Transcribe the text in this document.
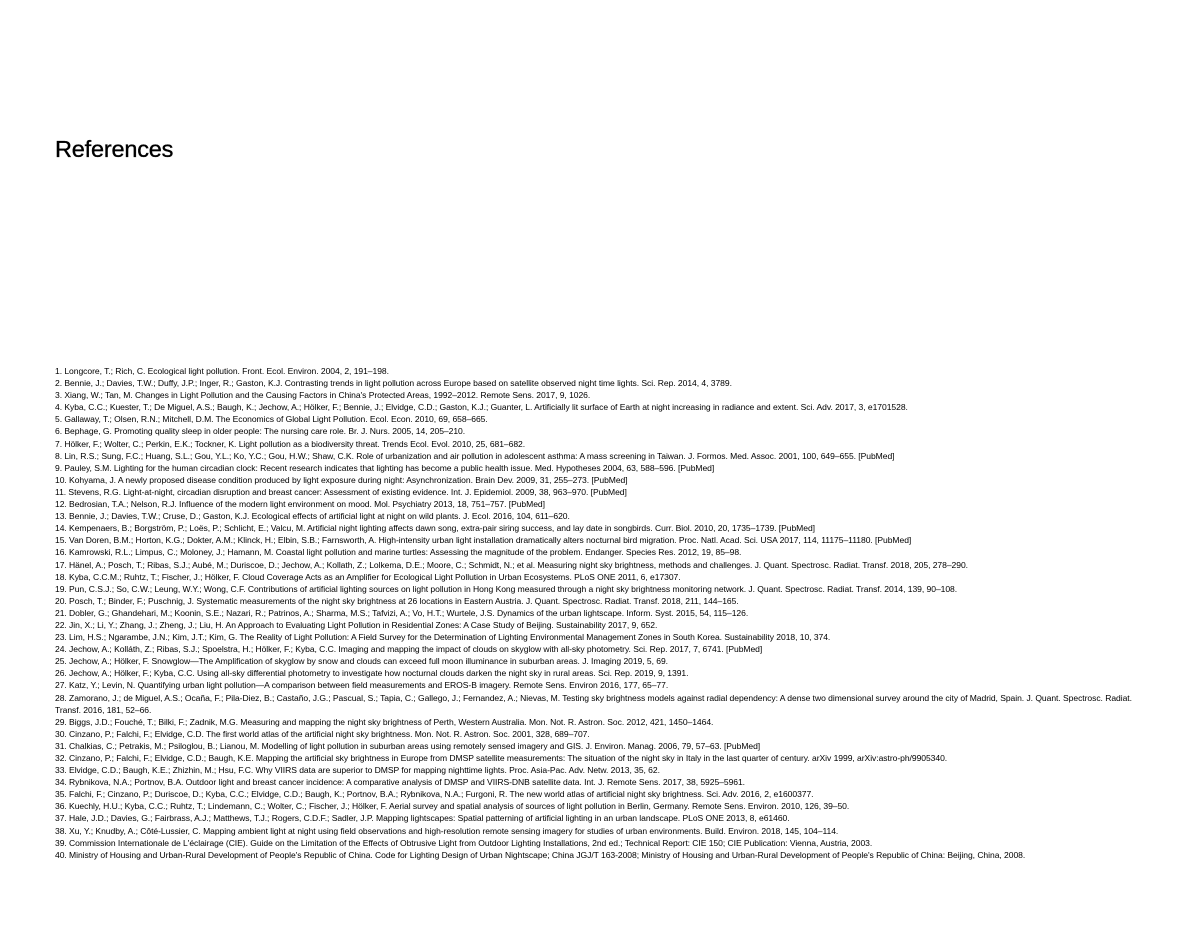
References
1. Longcore, T.; Rich, C. Ecological light pollution. Front. Ecol. Environ. 2004, 2, 191–198.
2. Bennie, J.; Davies, T.W.; Duffy, J.P.; Inger, R.; Gaston, K.J. Contrasting trends in light pollution across Europe based on satellite observed night time lights. Sci. Rep. 2014, 4, 3789.
3. Xiang, W.; Tan, M. Changes in Light Pollution and the Causing Factors in China's Protected Areas, 1992–2012. Remote Sens. 2017, 9, 1026.
4. Kyba, C.C.; Kuester, T.; De Miguel, A.S.; Baugh, K.; Jechow, A.; Hölker, F.; Bennie, J.; Elvidge, C.D.; Gaston, K.J.; Guanter, L. Artificially lit surface of Earth at night increasing in radiance and extent. Sci. Adv. 2017, 3, e1701528.
5. Gallaway, T.; Olsen, R.N.; Mitchell, D.M. The Economics of Global Light Pollution. Ecol. Econ. 2010, 69, 658–665.
6. Bephage, G. Promoting quality sleep in older people: The nursing care role. Br. J. Nurs. 2005, 14, 205–210.
7. Hölker, F.; Wolter, C.; Perkin, E.K.; Tockner, K. Light pollution as a biodiversity threat. Trends Ecol. Evol. 2010, 25, 681–682.
8. Lin, R.S.; Sung, F.C.; Huang, S.L.; Gou, Y.L.; Ko, Y.C.; Gou, H.W.; Shaw, C.K. Role of urbanization and air pollution in adolescent asthma: A mass screening in Taiwan. J. Formos. Med. Assoc. 2001, 100, 649–655. [PubMed]
9. Pauley, S.M. Lighting for the human circadian clock: Recent research indicates that lighting has become a public health issue. Med. Hypotheses 2004, 63, 588–596. [PubMed]
10. Kohyama, J. A newly proposed disease condition produced by light exposure during night: Asynchronization. Brain Dev. 2009, 31, 255–273. [PubMed]
11. Stevens, R.G. Light-at-night, circadian disruption and breast cancer: Assessment of existing evidence. Int. J. Epidemiol. 2009, 38, 963–970. [PubMed]
12. Bedrosian, T.A.; Nelson, R.J. Influence of the modern light environment on mood. Mol. Psychiatry 2013, 18, 751–757. [PubMed]
13. Bennie, J.; Davies, T.W.; Cruse, D.; Gaston, K.J. Ecological effects of artificial light at night on wild plants. J. Ecol. 2016, 104, 611–620.
14. Kempenaers, B.; Borgström, P.; Loës, P.; Schlicht, E.; Valcu, M. Artificial night lighting affects dawn song, extra-pair siring success, and lay date in songbirds. Curr. Biol. 2010, 20, 1735–1739. [PubMed]
15. Van Doren, B.M.; Horton, K.G.; Dokter, A.M.; Klinck, H.; Elbin, S.B.; Farnsworth, A. High-intensity urban light installation dramatically alters nocturnal bird migration. Proc. Natl. Acad. Sci. USA 2017, 114, 11175–11180. [PubMed]
16. Kamrowski, R.L.; Limpus, C.; Moloney, J.; Hamann, M. Coastal light pollution and marine turtles: Assessing the magnitude of the problem. Endanger. Species Res. 2012, 19, 85–98.
17. Hänel, A.; Posch, T.; Ribas, S.J.; Aubé, M.; Duriscoe, D.; Jechow, A.; Kollath, Z.; Lolkema, D.E.; Moore, C.; Schmidt, N.; et al. Measuring night sky brightness, methods and challenges. J. Quant. Spectrosc. Radiat. Transf. 2018, 205, 278–290.
18. Kyba, C.C.M.; Ruhtz, T.; Fischer, J.; Hölker, F. Cloud Coverage Acts as an Amplifier for Ecological Light Pollution in Urban Ecosystems. PLoS ONE 2011, 6, e17307.
19. Pun, C.S.J.; So, C.W.; Leung, W.Y.; Wong, C.F. Contributions of artificial lighting sources on light pollution in Hong Kong measured through a night sky brightness monitoring network. J. Quant. Spectrosc. Radiat. Transf. 2014, 139, 90–108.
20. Posch, T.; Binder, F.; Puschnig, J. Systematic measurements of the night sky brightness at 26 locations in Eastern Austria. J. Quant. Spectrosc. Radiat. Transf. 2018, 211, 144–165.
21. Dobler, G.; Ghandehari, M.; Koonin, S.E.; Nazari, R.; Patrinos, A.; Sharma, M.S.; Tafvizi, A.; Vo, H.T.; Wurtele, J.S. Dynamics of the urban lightscape. Inform. Syst. 2015, 54, 115–126.
22. Jin, X.; Li, Y.; Zhang, J.; Zheng, J.; Liu, H. An Approach to Evaluating Light Pollution in Residential Zones: A Case Study of Beijing. Sustainability 2017, 9, 652.
23. Lim, H.S.; Ngarambe, J.N.; Kim, J.T.; Kim, G. The Reality of Light Pollution: A Field Survey for the Determination of Lighting Environmental Management Zones in South Korea. Sustainability 2018, 10, 374.
24. Jechow, A.; Kolláth, Z.; Ribas, S.J.; Spoelstra, H.; Hölker, F.; Kyba, C.C. Imaging and mapping the impact of clouds on skyglow with all-sky photometry. Sci. Rep. 2017, 7, 6741. [PubMed]
25. Jechow, A.; Hölker, F. Snowglow—The Amplification of skyglow by snow and clouds can exceed full moon illuminance in suburban areas. J. Imaging 2019, 5, 69.
26. Jechow, A.; Hölker, F.; Kyba, C.C. Using all-sky differential photometry to investigate how nocturnal clouds darken the night sky in rural areas. Sci. Rep. 2019, 9, 1391.
27. Katz, Y.; Levin, N. Quantifying urban light pollution—A comparison between field measurements and EROS-B imagery. Remote Sens. Environ 2016, 177, 65–77.
28. Zamorano, J.; de Miguel, A.S.; Ocaña, F.; Pila-Diez, B.; Castaño, J.G.; Pascual, S.; Tapia, C.; Gallego, J.; Fernandez, A.; Nievas, M. Testing sky brightness models against radial dependency: A dense two dimensional survey around the city of Madrid, Spain. J. Quant. Spectrosc. Radiat. Transf. 2016, 181, 52–66.
29. Biggs, J.D.; Fouché, T.; Bilki, F.; Zadnik, M.G. Measuring and mapping the night sky brightness of Perth, Western Australia. Mon. Not. R. Astron. Soc. 2012, 421, 1450–1464.
30. Cinzano, P.; Falchi, F.; Elvidge, C.D. The first world atlas of the artificial night sky brightness. Mon. Not. R. Astron. Soc. 2001, 328, 689–707.
31. Chalkias, C.; Petrakis, M.; Psiloglou, B.; Lianou, M. Modelling of light pollution in suburban areas using remotely sensed imagery and GIS. J. Environ. Manag. 2006, 79, 57–63. [PubMed]
32. Cinzano, P.; Falchi, F.; Elvidge, C.D.; Baugh, K.E. Mapping the artificial sky brightness in Europe from DMSP satellite measurements: The situation of the night sky in Italy in the last quarter of century. arXiv 1999, arXiv:astro-ph/9905340.
33. Elvidge, C.D.; Baugh, K.E.; Zhizhin, M.; Hsu, F.C. Why VIIRS data are superior to DMSP for mapping nighttime lights. Proc. Asia-Pac. Adv. Netw. 2013, 35, 62.
34. Rybnikova, N.A.; Portnov, B.A. Outdoor light and breast cancer incidence: A comparative analysis of DMSP and VIIRS-DNB satellite data. Int. J. Remote Sens. 2017, 38, 5925–5961.
35. Falchi, F.; Cinzano, P.; Duriscoe, D.; Kyba, C.C.; Elvidge, C.D.; Baugh, K.; Portnov, B.A.; Rybnikova, N.A.; Furgoni, R. The new world atlas of artificial night sky brightness. Sci. Adv. 2016, 2, e1600377.
36. Kuechly, H.U.; Kyba, C.C.; Ruhtz, T.; Lindemann, C.; Wolter, C.; Fischer, J.; Hölker, F. Aerial survey and spatial analysis of sources of light pollution in Berlin, Germany. Remote Sens. Environ. 2010, 126, 39–50.
37. Hale, J.D.; Davies, G.; Fairbrass, A.J.; Matthews, T.J.; Rogers, C.D.F.; Sadler, J.P. Mapping lightscapes: Spatial patterning of artificial lighting in an urban landscape. PLoS ONE 2013, 8, e61460.
38. Xu, Y.; Knudby, A.; Côté-Lussier, C. Mapping ambient light at night using field observations and high-resolution remote sensing imagery for studies of urban environments. Build. Environ. 2018, 145, 104–114.
39. Commission Internationale de L'éclairage (CIE). Guide on the Limitation of the Effects of Obtrusive Light from Outdoor Lighting Installations, 2nd ed.; Technical Report: CIE 150; CIE Publication: Vienna, Austria, 2003.
40. Ministry of Housing and Urban-Rural Development of People's Republic of China. Code for Lighting Design of Urban Nightscape; China JGJ/T 163-2008; Ministry of Housing and Urban-Rural Development of People's Republic of China: Beijing, China, 2008.
